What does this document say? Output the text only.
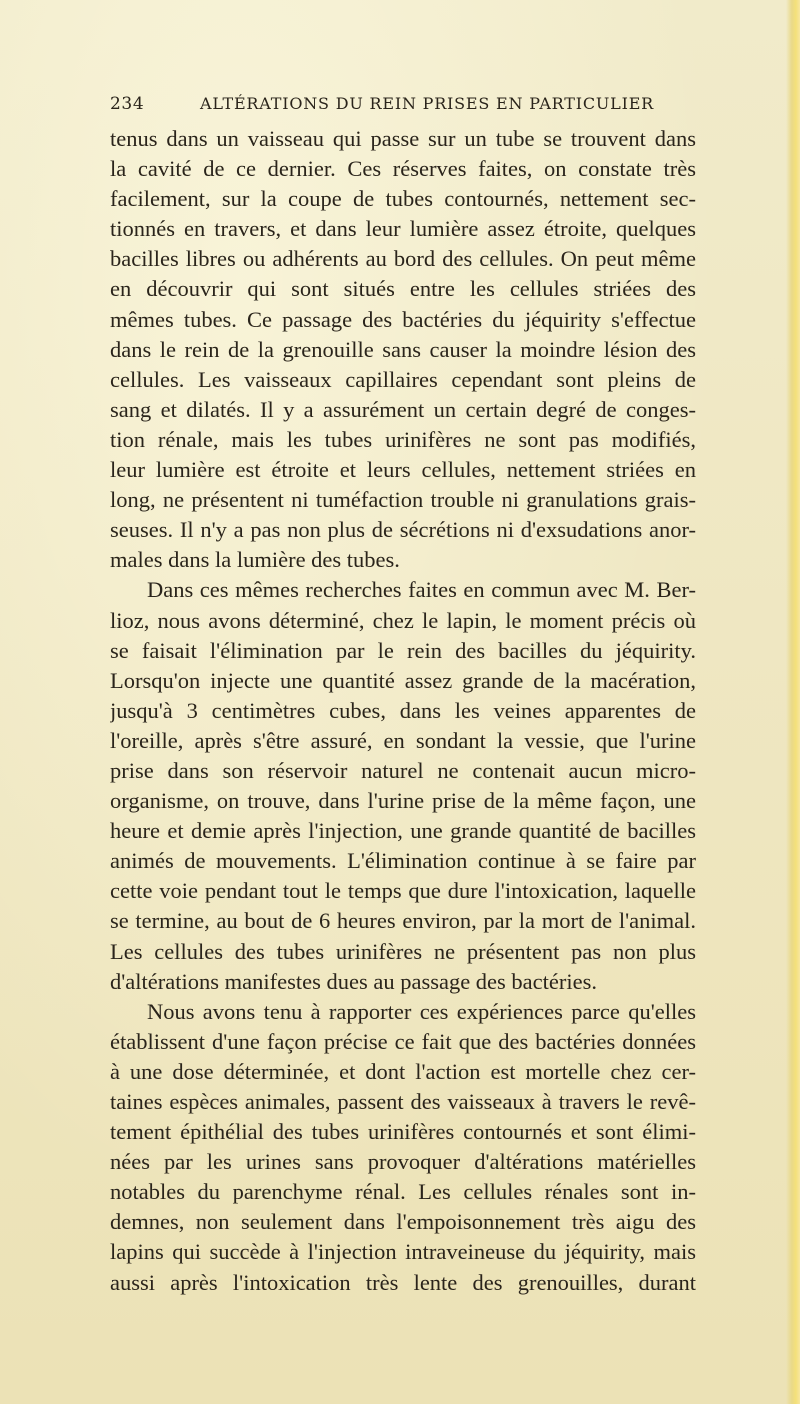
234	ALTÉRATIONS DU REIN PRISES EN PARTICULIER
tenus dans un vaisseau qui passe sur un tube se trouvent dans
la cavité de ce dernier. Ces réserves faites, on constate très
facilement, sur la coupe de tubes contournés, nettement sec-
tionnés en travers, et dans leur lumière assez étroite, quelques
bacilles libres ou adhérents au bord des cellules. On peut même
en découvrir qui sont situés entre les cellules striées des
mêmes tubes. Ce passage des bactéries du jéquirity s'effectue
dans le rein de la grenouille sans causer la moindre lésion des
cellules. Les vaisseaux capillaires cependant sont pleins de
sang et dilatés. Il y a assurément un certain degré de conges-
tion rénale, mais les tubes urinifères ne sont pas modifiés,
leur lumière est étroite et leurs cellules, nettement striées en
long, ne présentent ni tuméfaction trouble ni granulations grais-
seuses. Il n'y a pas non plus de sécrétions ni d'exsudations anor-
males dans la lumière des tubes.
Dans ces mêmes recherches faites en commun avec M. Ber-
lioz, nous avons déterminé, chez le lapin, le moment précis où
se faisait l'élimination par le rein des bacilles du jéquirity.
Lorsqu'on injecte une quantité assez grande de la macération,
jusqu'à 3 centimètres cubes, dans les veines apparentes de
l'oreille, après s'être assuré, en sondant la vessie, que l'urine
prise dans son réservoir naturel ne contenait aucun micro-
organisme, on trouve, dans l'urine prise de la même façon, une
heure et demie après l'injection, une grande quantité de bacilles
animés de mouvements. L'élimination continue à se faire par
cette voie pendant tout le temps que dure l'intoxication, laquelle
se termine, au bout de 6 heures environ, par la mort de l'animal.
Les cellules des tubes urinifères ne présentent pas non plus
d'altérations manifestes dues au passage des bactéries.
Nous avons tenu à rapporter ces expériences parce qu'elles
établissent d'une façon précise ce fait que des bactéries données
à une dose déterminée, et dont l'action est mortelle chez cer-
taines espèces animales, passent des vaisseaux à travers le revê-
tement épithélial des tubes urinifères contournés et sont élimi-
nées par les urines sans provoquer d'altérations matérielles
notables du parenchyme rénal. Les cellules rénales sont in-
demnes, non seulement dans l'empoisonnement très aigu des
lapins qui succède à l'injection intraveineuse du jéquirity, mais
aussi après l'intoxication très lente des grenouilles, durant
